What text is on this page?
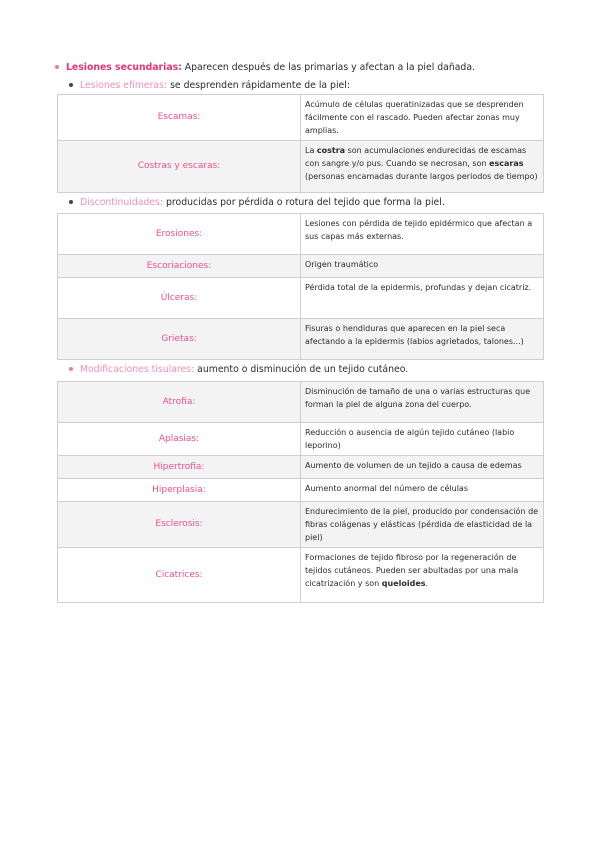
Lesiones secundarias: Aparecen después de las primarias y afectan a la piel dañada.
Lesiones efímeras: se desprenden rápidamente de la piel:
Escamas:	Acúmulo de células queratinizadas que se desprenden fácilmente con el rascado. Pueden afectar zonas muy amplias.
Costras y escaras:	La costra son acumulaciones endurecidas de escamas con sangre y/o pus. Cuando se necrosan, son escaras (personas encamadas durante largos periodos de tiempo)
Discontinuidades: producidas por pérdida o rotura del tejido que forma la piel.
Erosiones:	Lesiones con pérdida de tejido epidérmico que afectan a sus capas más externas.
Escoriaciones:	Origen traumático
Úlceras:	Pérdida total de la epidermis, profundas y dejan cicatriz.
Grietas:	Fisuras o hendiduras que aparecen en la piel seca afectando a la epidermis (labios agrietados, talones...)
Modificaciones tisulares: aumento o disminución de un tejido cutáneo.
Atrofia:	Disminución de tamaño de una o varias estructuras que forman la piel de alguna zona del cuerpo.
Aplasias:	Reducción o ausencia de algún tejido cutáneo (labio leporino)
Hipertrofia:	Aumento de volumen de un tejido a causa de edemas
Hiperplasia:	Aumento anormal del número de células
Esclerosis:	Endurecimiento de la piel, producido por condensación de fibras colágenas y elásticas (pérdida de elasticidad de la piel)
Cicatrices:	Formaciones de tejido fibroso por la regeneración de tejidos cutáneos. Pueden ser abultadas por una mala cicatrización y son queloides.
